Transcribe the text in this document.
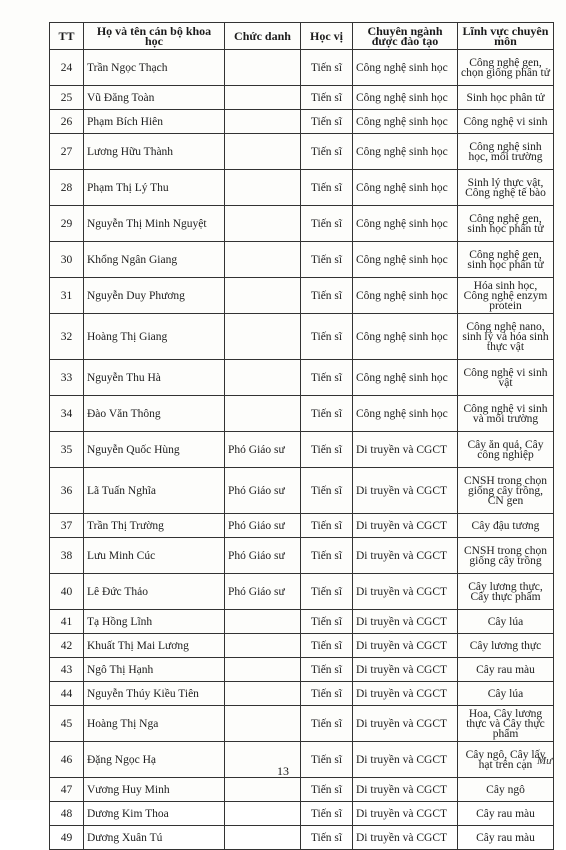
TT	Họ và tên cán bộ khoa học	Chức danh	Học vị	Chuyên ngành được đào tạo	Lĩnh vực chuyên môn
24	Trần Ngọc Thạch		Tiến sĩ	Công nghệ sinh học	Công nghệ gen, chọn giống phân tử
25	Vũ Đăng Toàn		Tiến sĩ	Công nghệ sinh học	Sinh học phân tử
26	Phạm Bích Hiên		Tiến sĩ	Công nghệ sinh học	Công nghệ vi sinh
27	Lương Hữu Thành		Tiến sĩ	Công nghệ sinh học	Công nghệ sinh học, môi trường
28	Phạm Thị Lý Thu		Tiến sĩ	Công nghệ sinh học	Sinh lý thực vật, Công nghệ tế bào
29	Nguyễn Thị Minh Nguyệt		Tiến sĩ	Công nghệ sinh học	Công nghệ gen, sinh học phân tử
30	Khổng Ngân Giang		Tiến sĩ	Công nghệ sinh học	Công nghệ gen, sinh học phân tử
31	Nguyễn Duy Phương		Tiến sĩ	Công nghệ sinh học	Hóa sinh học, Công nghệ enzym protein
32	Hoàng Thị Giang		Tiến sĩ	Công nghệ sinh học	Công nghệ nano, sinh lý và hóa sinh thực vật
33	Nguyễn Thu Hà		Tiến sĩ	Công nghệ sinh học	Công nghệ vi sinh vật
34	Đào Văn Thông		Tiến sĩ	Công nghệ sinh học	Công nghệ vi sinh và môi trường
35	Nguyễn Quốc Hùng	Phó Giáo sư	Tiến sĩ	Di truyền và CGCT	Cây ăn quả, Cây công nghiệp
36	Lã Tuấn Nghĩa	Phó Giáo sư	Tiến sĩ	Di truyền và CGCT	CNSH trong chọn giống cây trồng, CN gen
37	Trần Thị Trường	Phó Giáo sư	Tiến sĩ	Di truyền và CGCT	Cây đậu tương
38	Lưu Minh Cúc	Phó Giáo sư	Tiến sĩ	Di truyền và CGCT	CNSH trong chọn giống cây trồng
40	Lê Đức Thảo	Phó Giáo sư	Tiến sĩ	Di truyền và CGCT	Cây lương thực, Cây thực phẩm
41	Tạ Hồng Lĩnh		Tiến sĩ	Di truyền và CGCT	Cây lúa
42	Khuất Thị Mai Lương		Tiến sĩ	Di truyền và CGCT	Cây lương thực
43	Ngô Thị Hạnh		Tiến sĩ	Di truyền và CGCT	Cây rau màu
44	Nguyễn Thúy Kiều Tiên		Tiến sĩ	Di truyền và CGCT	Cây lúa
45	Hoàng Thị Nga		Tiến sĩ	Di truyền và CGCT	Hoa, Cây lương thực và Cây thực phẩm
46	Đặng Ngọc Hạ		Tiến sĩ	Di truyền và CGCT	Cây ngô, Cây lấy hạt trên cạn
47	Vương Huy Minh		Tiến sĩ	Di truyền và CGCT	Cây ngô
48	Dương Kim Thoa		Tiến sĩ	Di truyền và CGCT	Cây rau màu
49	Dương Xuân Tú		Tiến sĩ	Di truyền và CGCT	Cây rau màu
13
Mư
